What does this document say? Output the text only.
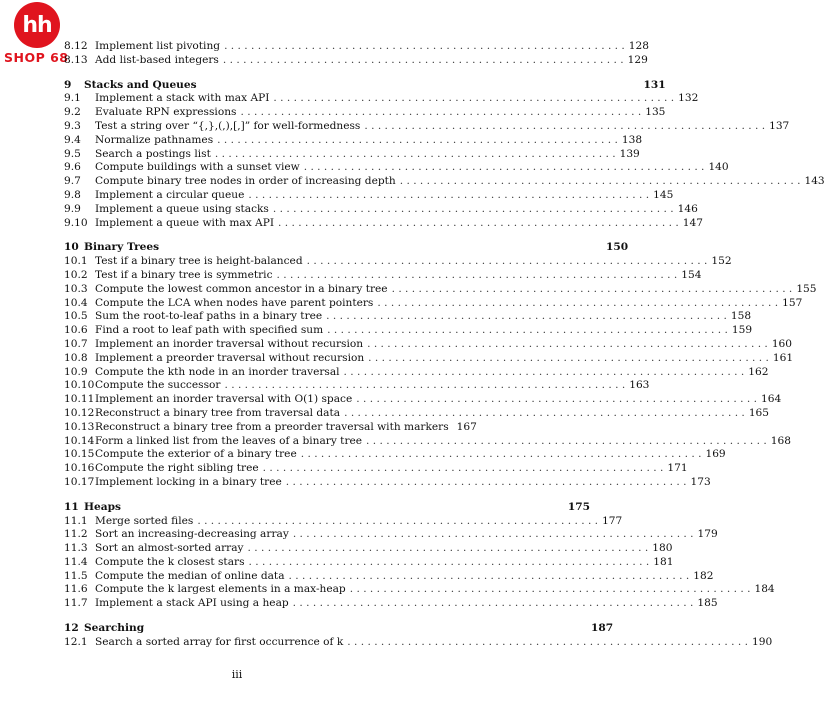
hh
SHOP 68
8.12 Implement list pivoting . . .	128
8.13 Add list-based integers . . .	129
9	Stacks and Queues	131
9.1	Implement a stack with max API . . .	132
9.2	Evaluate RPN expressions . . .	135
9.3	Test a string over “{,},(,),[,]” for well-formedness . . .	137
9.4	Normalize pathnames . . .	138
9.5	Search a postings list . . .	139
9.6	Compute buildings with a sunset view . . .	140
9.7	Compute binary tree nodes in order of increasing depth . . .	143
9.8	Implement a circular queue . . .	145
9.9	Implement a queue using stacks . . .	146
9.10 Implement a queue with max API . . .	147
10 Binary Trees	150
10.1 Test if a binary tree is height-balanced . . .	152
10.2 Test if a binary tree is symmetric . . .	154
10.3 Compute the lowest common ancestor in a binary tree . . .	155
10.4 Compute the LCA when nodes have parent pointers . . .	157
10.5 Sum the root-to-leaf paths in a binary tree . . .	158
10.6 Find a root to leaf path with specified sum . . .	159
10.7 Implement an inorder traversal without recursion . . .	160
10.8 Implement a preorder traversal without recursion . . .	161
10.9 Compute the kth node in an inorder traversal . . .	162
10.10 Compute the successor . . .	163
10.11 Implement an inorder traversal with O(1) space . . .	164
10.12 Reconstruct a binary tree from traversal data . . .	165
10.13 Reconstruct a binary tree from a preorder traversal with markers 167
10.14 Form a linked list from the leaves of a binary tree . . .	168
10.15 Compute the exterior of a binary tree . . .	169
10.16 Compute the right sibling tree . . .	171
10.17 Implement locking in a binary tree . . .	173
11 Heaps	175
11.1 Merge sorted files . . .	177
11.2 Sort an increasing-decreasing array . . .	179
11.3 Sort an almost-sorted array . . .	180
11.4 Compute the k closest stars . . .	181
11.5 Compute the median of online data . . .	182
11.6 Compute the k largest elements in a max-heap . . .	184
11.7 Implement a stack API using a heap . . .	185
12 Searching	187
12.1 Search a sorted array for first occurrence of k . . .	190
iii
